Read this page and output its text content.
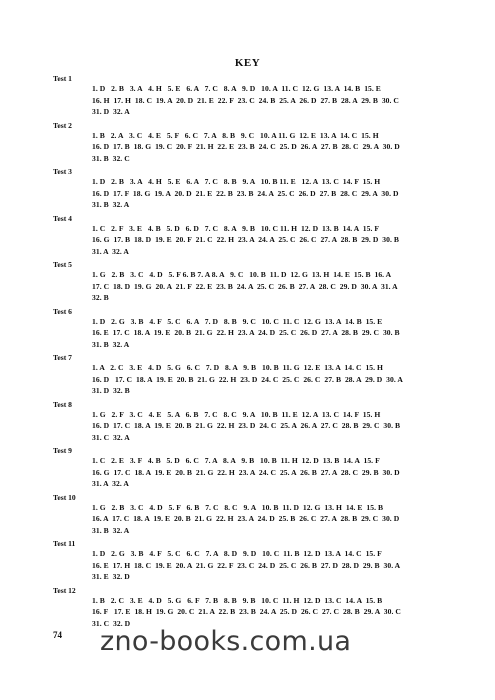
KEY
Test 1
1. D   2. B   3. A   4. H   5. E   6. A   7. C   8. A   9. D   10. A  11. C  12. G  13. A  14. B  15. E
16. H  17. H  18. C  19. A  20. D  21. E  22. F  23. C  24. B  25. A  26. D  27. B  28. A  29. B  30. C
31. D  32. A
Test 2
1. B   2. A   3. C   4. E   5. F   6. C   7. A   8. B   9. C   10. A 11. G  12. E  13. A  14. C  15. H
16. D  17. B  18. G  19. C  20. F  21. H  22. E  23. B  24. C  25. D  26. A  27. B  28. C  29. A  30. D
31. B  32. C
Test 3
1. D   2. B   3. A   4. H   5. E   6. A   7. C   8. B   9. A   10. B 11. E   12. A  13. C  14. F  15. H
16. D  17. F  18. G  19. A  20. D  21. E  22. B  23. B  24. A  25. C  26. D  27. B  28. C  29. A  30. D
31. B  32. A
Test 4
1. C   2. F   3. E   4. B   5. D   6. D   7. C   8. A   9. B   10. C 11. H  12. D  13. B  14. A  15. F
16. G  17. B  18. D  19. E  20. F  21. C  22. H  23. A  24. A  25. C  26. C  27. A  28. B  29. D  30. B
31. A  32. A
Test 5
1. G   2. B   3. C   4. D   5. F 6. B 7. A 8. A   9. C   10. B  11. D  12. G  13. H  14. E  15. B  16. A
17. C  18. D  19. G  20. A  21. F  22. E  23. B  24. A  25. C  26. B  27. A  28. C  29. D  30. A  31. A
32. B
Test 6
1. D   2. G   3. B   4. F   5. C   6. A   7. D   8. B   9. C   10. C  11. C  12. G  13. A  14. B  15. E
16. E  17. C  18. A  19. E  20. B  21. G  22. H  23. A  24. D  25. C  26. D  27. A  28. B  29. C  30. B
31. B  32. A
Test 7
1. A   2. C   3. E   4. D   5. G   6. C   7. D   8. A   9. B   10. B  11. G  12. E  13. A  14. C  15. H
16. D   17. C  18. A  19. E  20. B  21. G  22. H  23. D  24. C  25. C  26. C  27. B  28. A  29. D  30. A
31. D  32. B
Test 8
1. G   2. F   3. C   4. E   5. A   6. B   7. C   8. C   9. A   10. B  11. E  12. A  13. C  14. F  15. H
16. D  17. C  18. A  19. E  20. B  21. G  22. H  23. D  24. C  25. A  26. A  27. C  28. B  29. C  30. B
31. C  32. A
Test 9
1. C   2. E   3. F   4. B   5. D   6. C   7. A   8. A   9. B   10. B  11. H  12. D  13. B  14. A  15. F
16. G  17. C  18. A  19. E  20. B  21. G  22. H  23. A  24. C  25. A  26. B  27. A  28. C  29. B  30. D
31. A  32. A
Test 10
1. G   2. B   3. C   4. D   5. F   6. B   7. C   8. C   9. A   10. B  11. D  12. G  13. H  14. E  15. B
16. A  17. C  18. A  19. E  20. B  21. G  22. H  23. A  24. D  25. B  26. C  27. A  28. B  29. C  30. D
31. B  32. A
Test 11
1. D   2. G   3. B   4. F   5. C   6. C   7. A   8. D   9. D   10. C  11. B  12. D  13. A  14. C  15. F
16. E  17. H  18. C  19. E  20. A  21. G  22. F  23. C  24. D  25. C  26. B  27. D  28. D  29. B  30. A
31. E  32. D
Test 12
1. B   2. C   3. E   4. D   5. G   6. F   7. B   8. B   9. B   10. C  11. H  12. D  13. C  14. A  15. B
16. F   17. E  18. H  19. G  20. C  21. A  22. B  23. B  24. A  25. D  26. C  27. C  28. B  29. A  30. C
31. C  32. D
74 zno-books.com.ua
